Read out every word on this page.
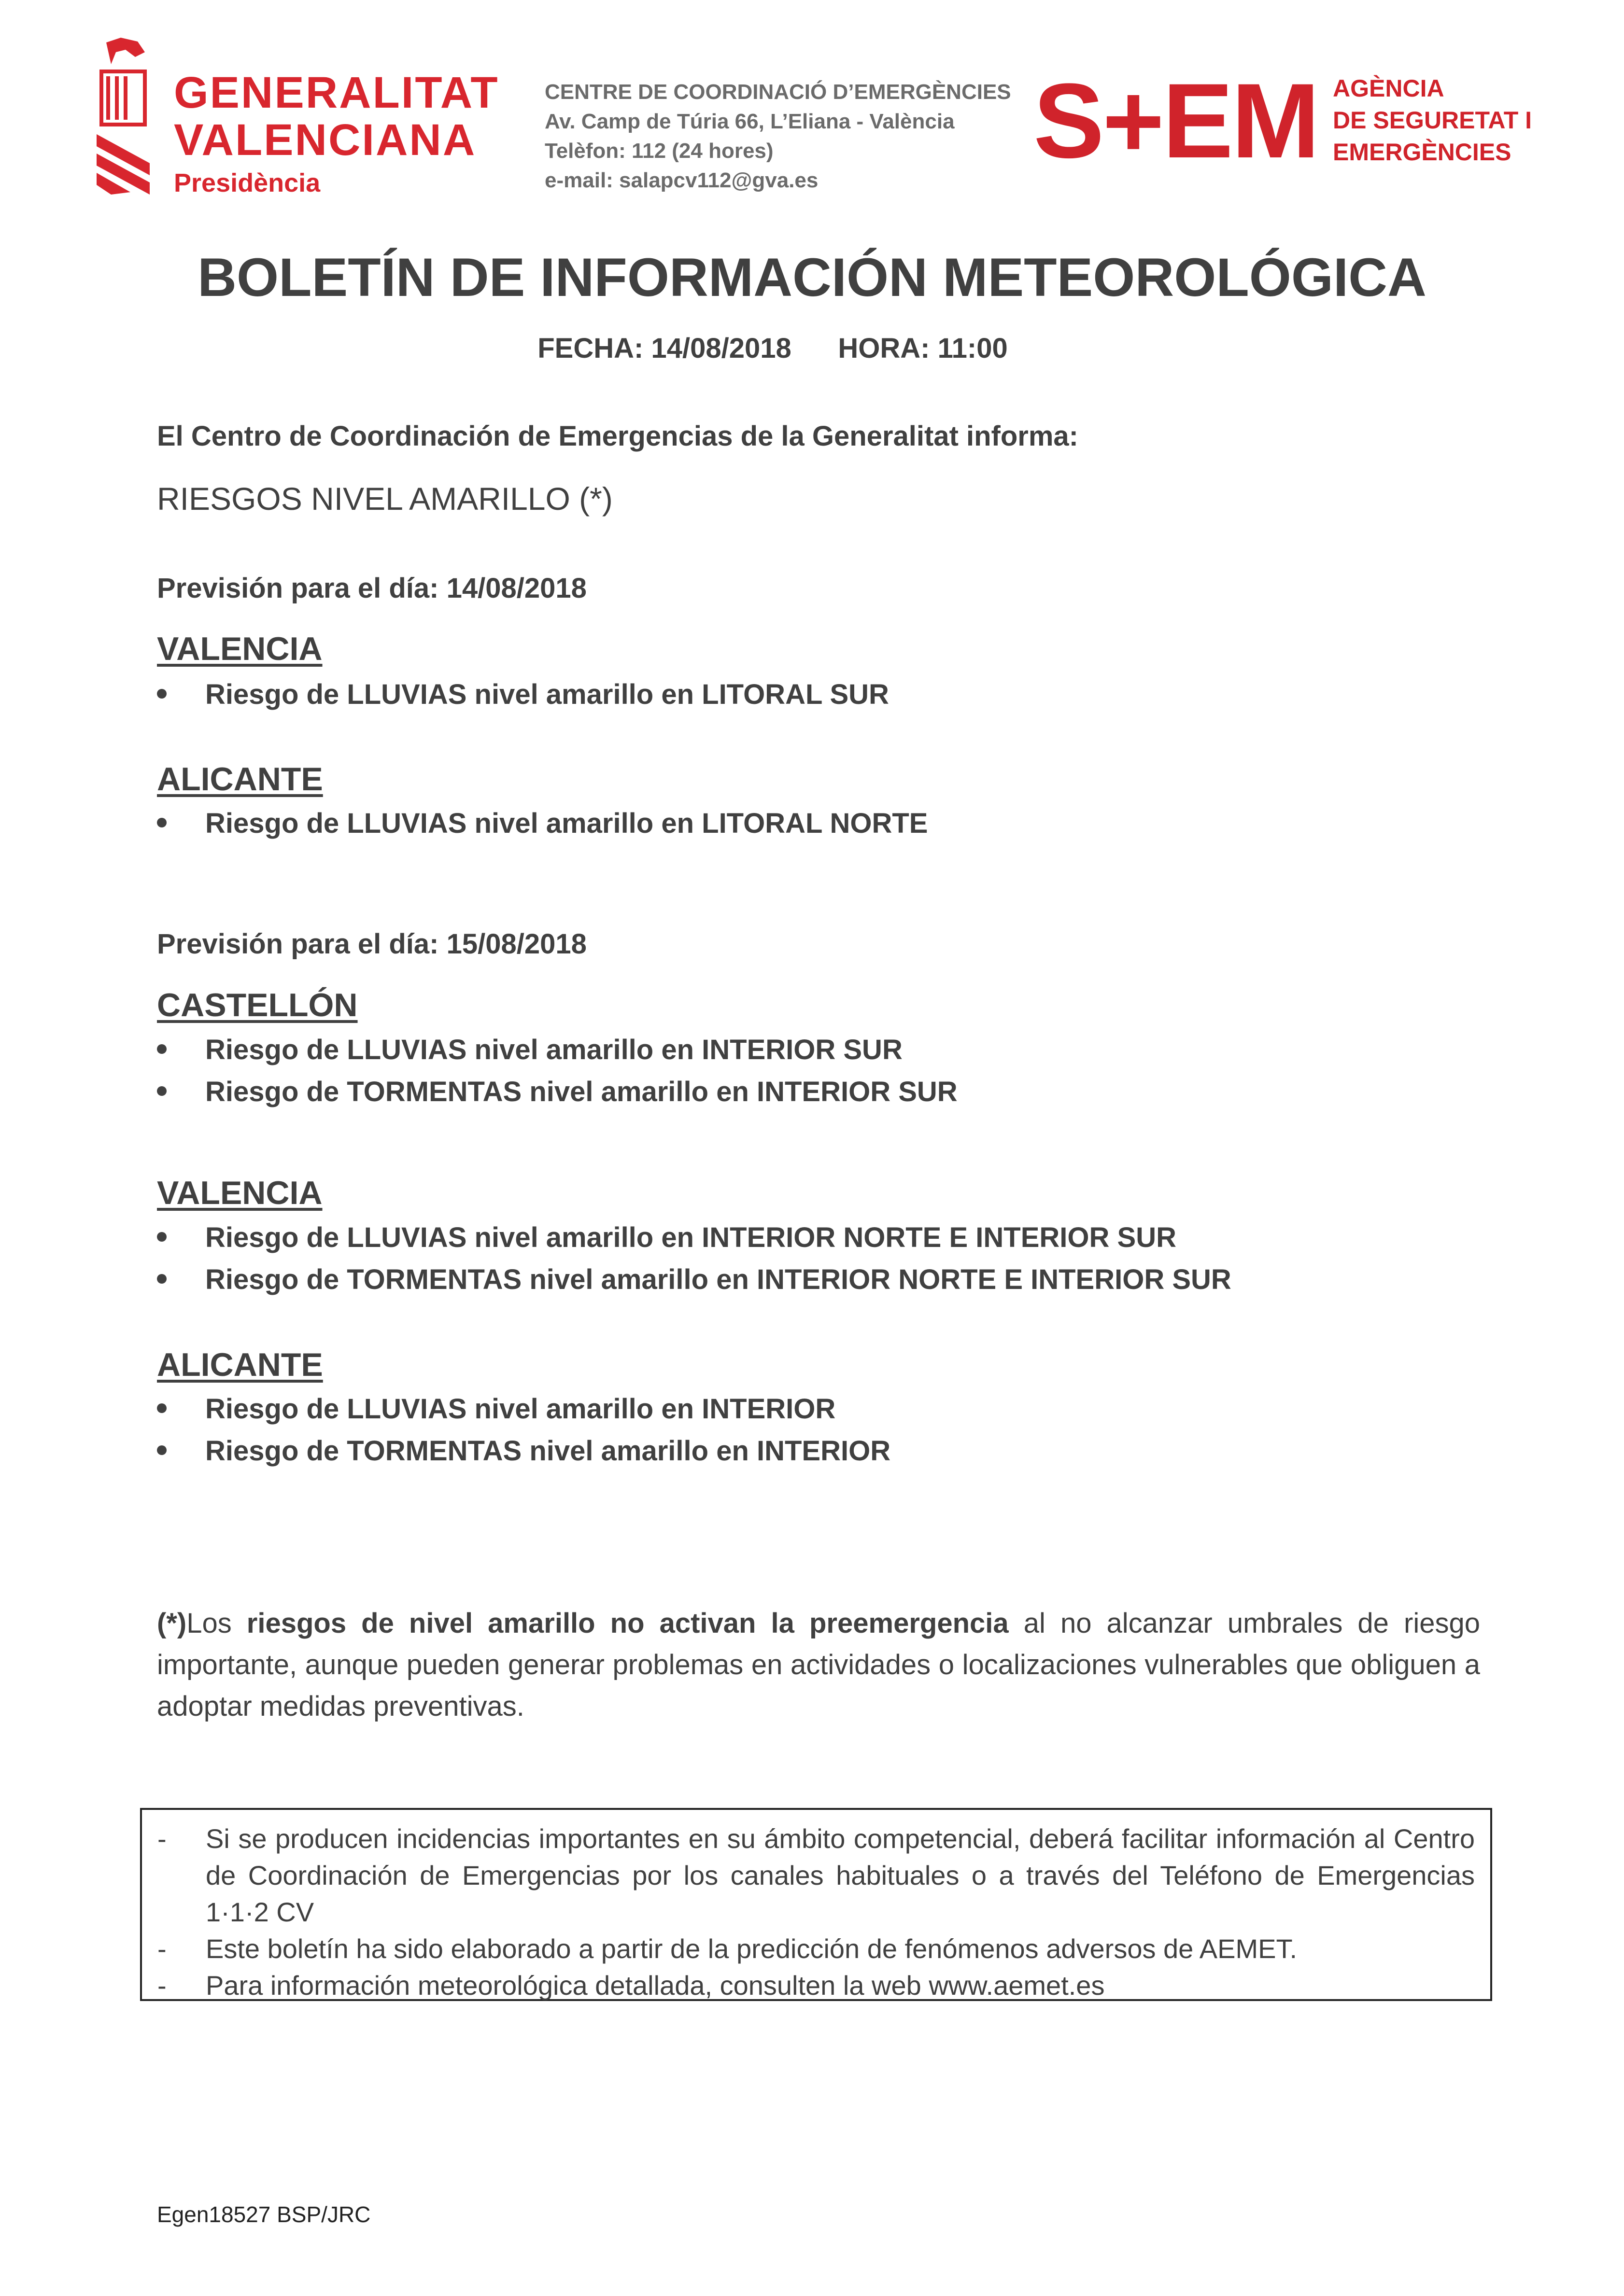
GENERALITAT
VALENCIANA
Presidència
CENTRE DE COORDINACIÓ D’EMERGÈNCIES
Av. Camp de Túria 66, L’Eliana - València
Telèfon: 112 (24 hores)
e-mail: salapcv112@gva.es
S+EM AGÈNCIA
DE SEGURETAT I
EMERGÈNCIES
BOLETÍN DE INFORMACIÓN METEOROLÓGICA
FECHA: 14/08/2018      HORA: 11:00
El Centro de Coordinación de Emergencias de la Generalitat informa:
RIESGOS NIVEL AMARILLO (*)
Previsión para el día: 14/08/2018
VALENCIA
Riesgo de LLUVIAS nivel amarillo en LITORAL SUR
ALICANTE
Riesgo de LLUVIAS nivel amarillo en LITORAL NORTE
Previsión para el día: 15/08/2018
CASTELLÓN
Riesgo de LLUVIAS nivel amarillo en INTERIOR SUR
Riesgo de TORMENTAS nivel amarillo en INTERIOR SUR
VALENCIA
Riesgo de LLUVIAS nivel amarillo en INTERIOR NORTE E INTERIOR SUR
Riesgo de TORMENTAS nivel amarillo en INTERIOR NORTE E INTERIOR SUR
ALICANTE
Riesgo de LLUVIAS nivel amarillo en INTERIOR
Riesgo de TORMENTAS nivel amarillo en INTERIOR
(*)Los riesgos de nivel amarillo no activan la preemergencia al no alcanzar umbrales de riesgo importante, aunque pueden generar problemas en actividades o localizaciones vulnerables que obliguen a adoptar medidas preventivas.
-	Si se producen incidencias importantes en su ámbito competencial, deberá facilitar información al Centro de Coordinación de Emergencias por los canales habituales o a través del Teléfono de Emergencias 1·1·2 CV
-	Este boletín ha sido elaborado a partir de la predicción de fenómenos adversos de AEMET.
-	Para información meteorológica detallada, consulten la web www.aemet.es
Egen18527 BSP/JRC
